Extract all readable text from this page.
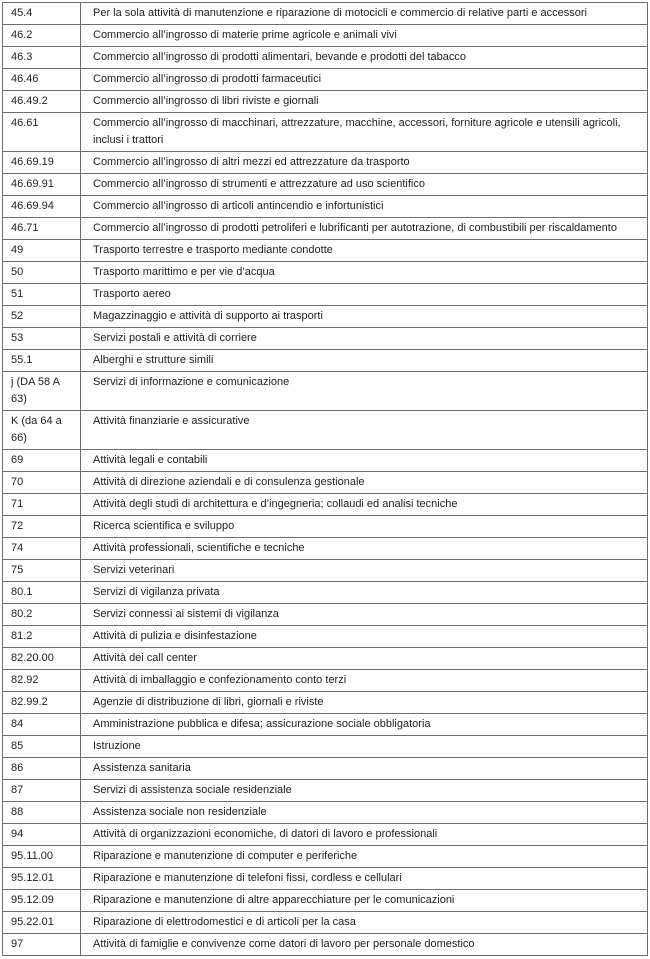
45.4	Per la sola attività di manutenzione e riparazione di motocicli e commercio di relative parti e accessori
46.2	Commercio all’ingrosso di materie prime agricole e animali vivi
46.3	Commercio all’ingrosso di prodotti alimentari, bevande e prodotti del tabacco
46.46	Commercio all’ingrosso di prodotti farmaceutici
46.49.2	Commercio all’ingrosso di libri riviste e giornali
46.61	Commercio all’ingrosso di macchinari, attrezzature, macchine, accessori, forniture agricole e utensili agricoli, inclusi i trattori
46.69.19	Commercio all’ingrosso di altri mezzi ed attrezzature da trasporto
46.69.91	Commercio all’ingrosso di strumenti e attrezzature ad uso scientifico
46.69.94	Commercio all’ingrosso di articoli antincendio e infortunistici
46.71	Commercio all’ingrosso di prodotti petroliferi e lubrificanti per autotrazione, di combustibili per riscaldamento
49	Trasporto terrestre e trasporto mediante condotte
50	Trasporto marittimo e per vie d’acqua
51	Trasporto aereo
52	Magazzinaggio e attività di supporto ai trasporti
53	Servizi postali e attività di corriere
55.1	Alberghi e strutture simili
j (DA 58 A 63)	Servizi di informazione e comunicazione
K (da 64 a 66)	Attività finanziarie e assicurative
69	Attività legali e contabili
70	Attività di direzione aziendali e di consulenza gestionale
71	Attività degli studi di architettura e d’ingegneria; collaudi ed analisi tecniche
72	Ricerca scientifica e sviluppo
74	Attività professionali, scientifiche e tecniche
75	Servizi veterinari
80.1	Servizi di vigilanza privata
80.2	Servizi connessi ai sistemi di vigilanza
81.2	Attività di pulizia e disinfestazione
82.20.00	Attività dei call center
82.92	Attività di imballaggio e confezionamento conto terzi
82.99.2	Agenzie di distribuzione di libri, giornali e riviste
84	Amministrazione pubblica e difesa; assicurazione sociale obbligatoria
85	Istruzione
86	Assistenza sanitaria
87	Servizi di assistenza sociale residenziale
88	Assistenza sociale non residenziale
94	Attività di organizzazioni economiche, di datori di lavoro e professionali
95.11.00	Riparazione e manutenzione di computer e periferiche
95.12.01	Riparazione e manutenzione di telefoni fissi, cordless e cellulari
95.12.09	Riparazione e manutenzione di altre apparecchiature per le comunicazioni
95.22.01	Riparazione di elettrodomestici e di articoli per la casa
97	Attività di famiglie e convivenze come datori di lavoro per personale domestico
